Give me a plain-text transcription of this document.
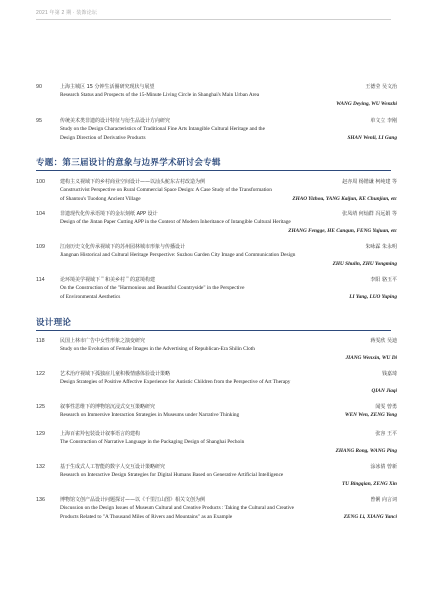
2021 年第 2 期 · 装饰论坛
90	上海主城区 15 分钟生活圈研究现状与展望	王德莹 吴文治
Research Status and Prospects of the 15-Minute Living Circle in Shanghai's Main Urban Area
WANG Deying, WU Wenzhi
95	传统美术类非遗的设计特征与衍生品设计方向研究	单文立 李刚
Study on the Design Characteristics of Traditional Fine Arts Intangible Cultural Heritage and the
Design Direction of Derivative Products	SHAN Wenli, LI Gang
专题：第三届设计的意象与边界学术研讨会专辑
100	建构主义视域下的乡村商业空间设计——以汕头鮀东古村改造为例	赵亦周 杨锴谦 柯纯建 等
Constructivist Perspective on Rural Commercial Space Design: A Case Study of the Transformation
of Shantou's Tuodong Ancient Village	ZHAO Yizhou, YANG Kaijun, KE Chunjian, etc
104	非遗现代化传承语境下的金坛刻纸 APP 设计	张凤靖 何灿群 冯远娟 等
Design of the Jintan Paper Cutting APP in the Context of Modern Inheritance of Intangible Cultural Heritage
ZHANG Fengge, HE Canqun, FENG Yujuan, etc
109	江南历史文化传承视域下的苏州园林城市形象与传播设计	朱咏霖 朱永明
Jiangnan Historical and Cultural Heritage Perspective: Suzhou Garden City Image and Communication Design
ZHU Shulin, ZHU Yongming
114	论环境美学视域下＂和美乡村＂的意境构建	李阳 骆玉平
On the Construction of the "Harmonious and Beautiful Countryside" in the Perspective
of Environmental Aesthetics	LI Yang, LUO Yuping
设计理论
118	民国上林市广告中女性形象之演变研究	蒋雯欣 吴迪
Study on the Evolution of Female Images in the Advertising of Republican-Era Shilin Cloth
JIANG Wenxin, WU Di
122	艺术治疗视域下孤独症儿童积极情感体验设计策略	钱嘉琦
Design Strategies of Positive Affective Experience for Autistic Children from the Perspective of Art Therapy
QIAN Jiaqi
125	叙事性思维下的博物馆沉浸式交互策略研究	闻雯 曾勇
Research on Immersive Interaction Strategies in Museums under Narrative Thinking	WEN Wen, ZENG Yong
129	上海百雀羚包装设计叙事语言的建构	张容 王平
The Construction of Narrative Language in the Packaging Design of Shanghai Pechoin
ZHANG Rong, WANG Ping
132	基于生成式人工智能的数字人交互设计策略研究	涂冰倩 曾新
Research on Interactive Design Strategies for Digital Humans Based on Generative Artificial Intelligence
TU Bingqian, ZENG Xin
136	博物馆文创产品设计问题探讨——以《千里江山图》相关文创为例	曾俐 向言词
Discussion on the Design Issues of Museum Cultural and Creative Products : Taking the Cultural and Creative
Products Related to "A Thousand Miles of Rivers and Mountains" as an Example	ZENG Li, XIANG Yanci
